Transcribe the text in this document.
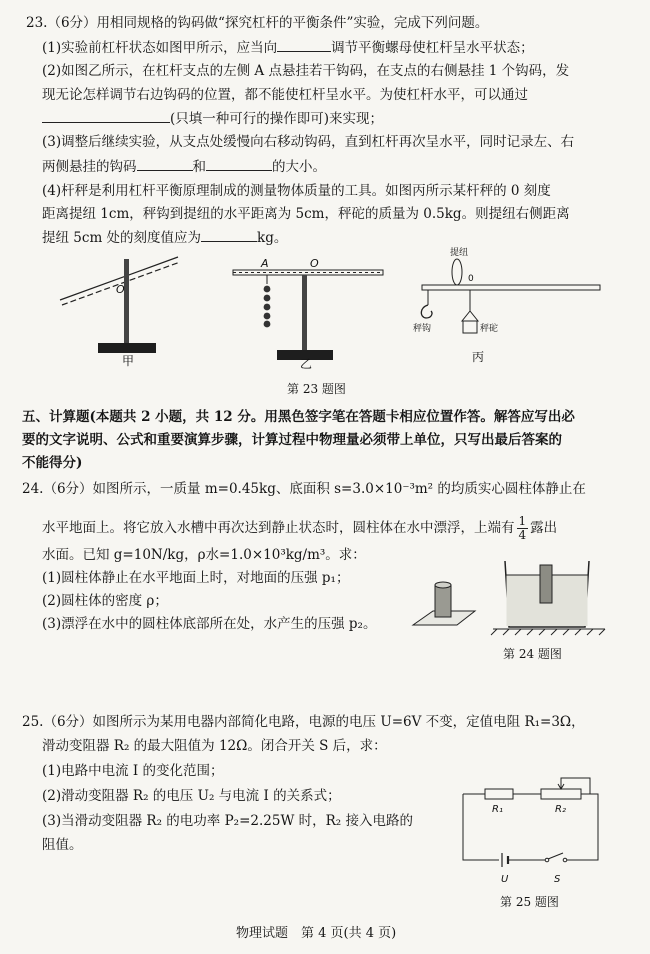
23.（6分）用相同规格的钩码做“探究杠杆的平衡条件”实验，完成下列问题。
(1)实验前杠杆状态如图甲所示，应当向	调节平衡螺母使杠杆呈水平状态；
(2)如图乙所示，在杠杆支点的左侧 A 点悬挂若干钩码，在支点的右侧悬挂 1 个钩码，发
现无论怎样调节右边钩码的位置，都不能使杠杆呈水平。为使杠杆水平，可以通过
(只填一种可行的操作即可)来实现；
(3)调整后继续实验，从支点处缓慢向右移动钩码，直到杠杆再次呈水平，同时记录左、右
两侧悬挂的钩码	和	的大小。
(4)杆秤是利用杠杆平衡原理制成的测量物体质量的工具。如图丙所示某杆秤的 0 刻度
距离提纽 1cm，秤钩到提纽的水平距离为 5cm，秤砣的质量为 0.5kg。则提纽右侧距离
提纽 5cm 处的刻度值应为	kg。
O
甲
A	O
乙
提纽
0
秤钩	秤砣
丙
第 23 题图
五、计算题(本题共 2 小题，共 12 分。用黑色签字笔在答题卡相应位置作答。解答应写出必
要的文字说明、公式和重要演算步骤，计算过程中物理量必须带上单位，只写出最后答案的
不能得分)
24.（6分）如图所示，一质量 m=0.45kg、底面积 s=3.0×10⁻³m² 的均质实心圆柱体静止在
水平地面上。将它放入水槽中再次达到静止状态时，圆柱体在水中漂浮，上端有 $\frac{1}{4}$ 露出
水面。已知 g=10N/kg，ρ水=1.0×10³kg/m³。求：
(1)圆柱体静止在水平地面上时，对地面的压强 p₁；
(2)圆柱体的密度 ρ；
(3)漂浮在水中的圆柱体底部所在处，水产生的压强 p₂。
第 24 题图
25.（6分）如图所示为某用电器内部简化电路，电源的电压 U=6V 不变，定值电阻 R₁=3Ω，
滑动变阻器 R₂ 的最大阻值为 12Ω。闭合开关 S 后，求：
(1)电路中电流 I 的变化范围；
(2)滑动变阻器 R₂ 的电压 U₂ 与电流 I 的关系式；
(3)当滑动变阻器 R₂ 的电功率 P₂=2.25W 时，R₂ 接入电路的
阻值。
R₁	R₂
U	S
第 25 题图
物理试题　第 4 页(共 4 页)
